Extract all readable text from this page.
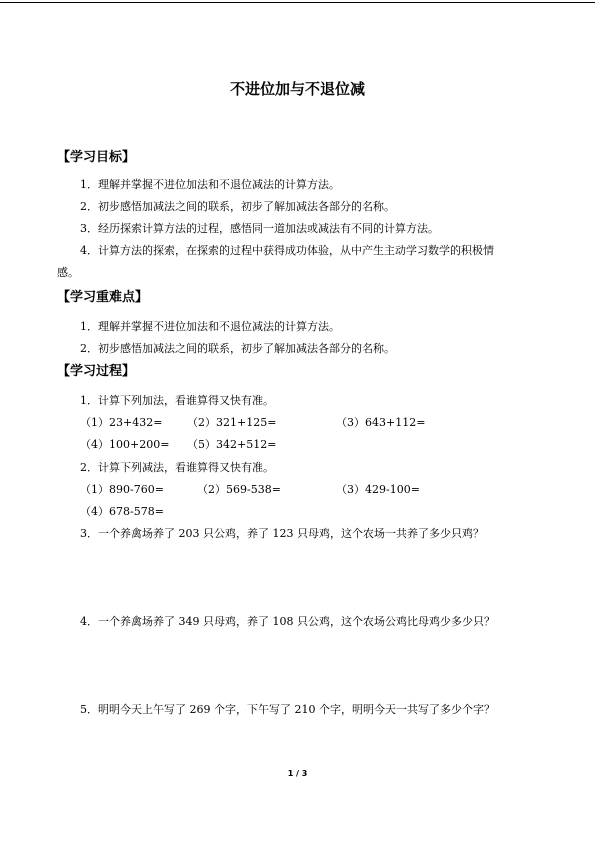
不进位加与不退位减
【学习目标】
1．理解并掌握不进位加法和不退位减法的计算方法。
2．初步感悟加减法之间的联系，初步了解加减法各部分的名称。
3．经历探索计算方法的过程，感悟同一道加法或减法有不同的计算方法。
4．计算方法的探索，在探索的过程中获得成功体验，从中产生主动学习数学的积极情
感。
【学习重难点】
1．理解并掌握不进位加法和不退位减法的计算方法。
2．初步感悟加减法之间的联系，初步了解加减法各部分的名称。
【学习过程】
1．计算下列加法，看谁算得又快有准。
（1）23+432= （2）321+125=	（3）643+112=
（4）100+200= （5）342+512=
2．计算下列减法，看谁算得又快有准。
（1）890-760=	（2）569-538=	（3）429-100=
（4）678-578=
3．一个养禽场养了 203 只公鸡，养了 123 只母鸡，这个农场一共养了多少只鸡？
4．一个养禽场养了 349 只母鸡，养了 108 只公鸡，这个农场公鸡比母鸡少多少只？
5．明明今天上午写了 269 个字，下午写了 210 个字，明明今天一共写了多少个字？
1 / 3
